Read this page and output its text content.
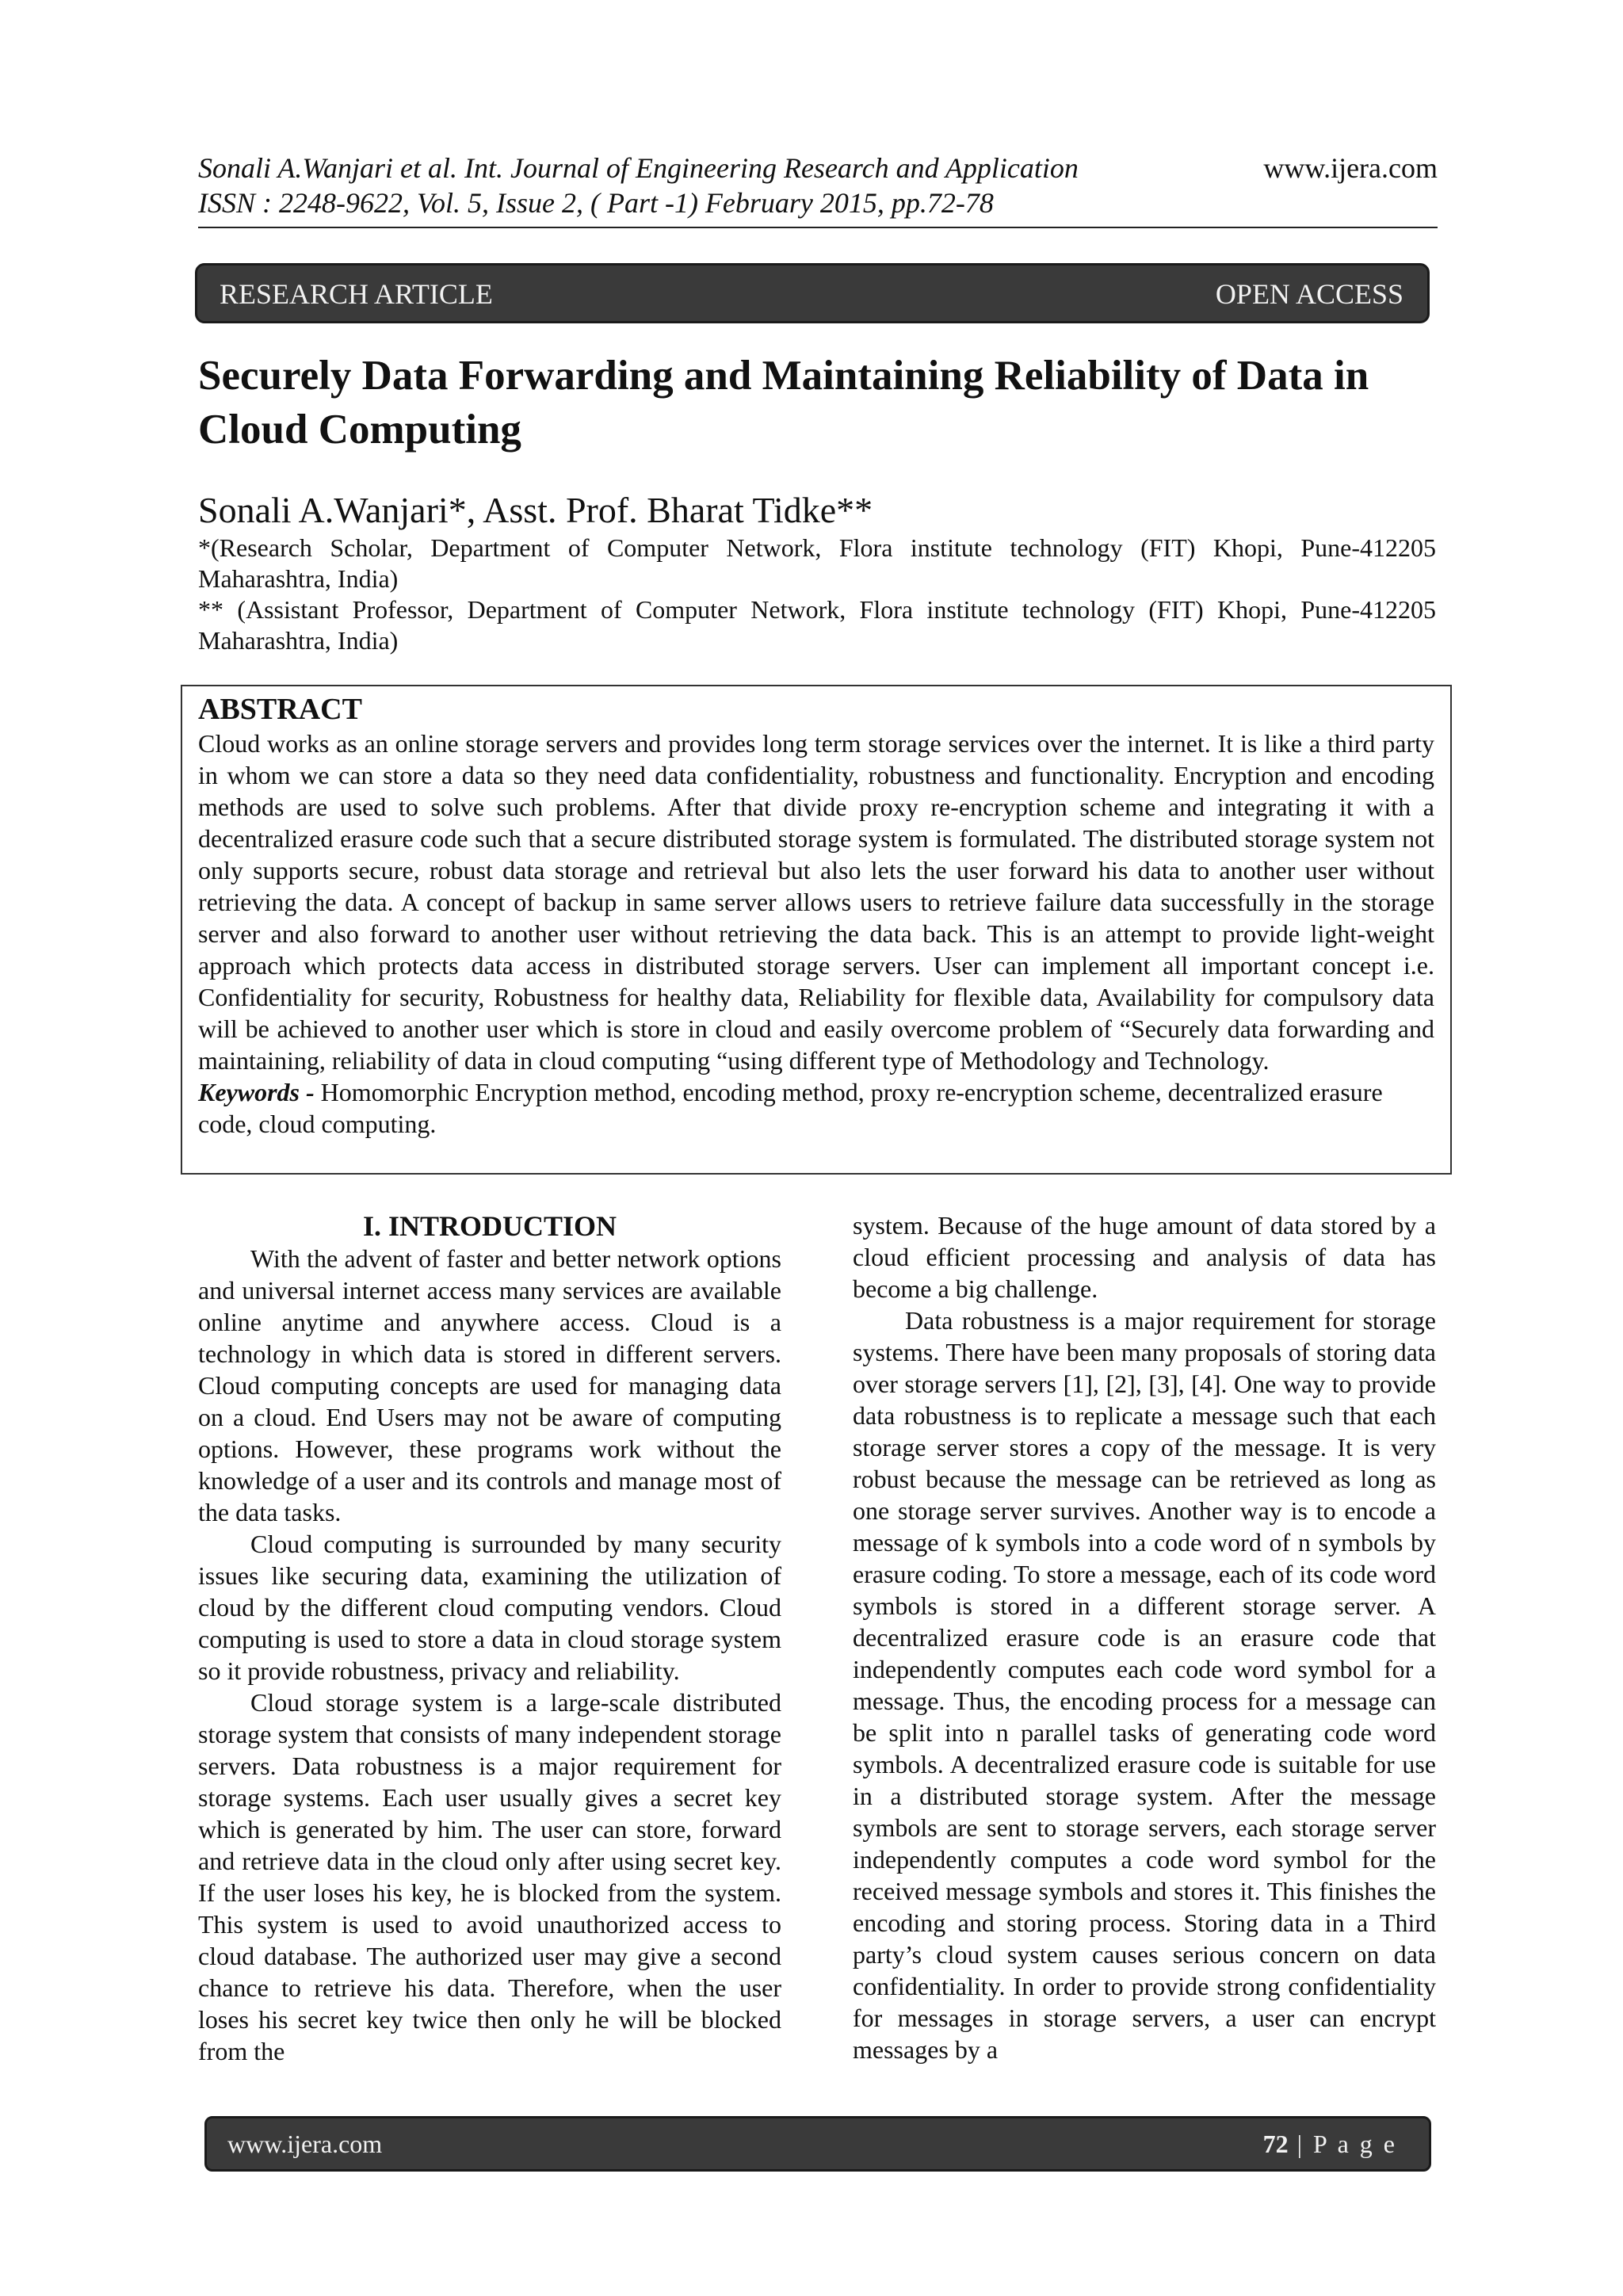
Sonali A.Wanjari et al. Int. Journal of Engineering Research and Application
ISSN : 2248-9622, Vol. 5, Issue 2, ( Part -1) February 2015, pp.72-78
www.ijera.com
RESEARCH ARTICLE	OPEN ACCESS
Securely Data Forwarding and Maintaining Reliability of Data in Cloud Computing
Sonali A.Wanjari*, Asst. Prof. Bharat Tidke**
*(Research Scholar, Department of Computer Network, Flora institute technology (FIT) Khopi, Pune-412205 Maharashtra, India)
** (Assistant Professor, Department of Computer Network, Flora institute technology (FIT) Khopi, Pune-412205 Maharashtra, India)
ABSTRACT
Cloud works as an online storage servers and provides long term storage services over the internet. It is like a third party in whom we can store a data so they need data confidentiality, robustness and functionality. Encryption and encoding methods are used to solve such problems. After that divide proxy re-encryption scheme and integrating it with a decentralized erasure code such that a secure distributed storage system is formulated. The distributed storage system not only supports secure, robust data storage and retrieval but also lets the user forward his data to another user without retrieving the data. A concept of backup in same server allows users to retrieve failure data successfully in the storage server and also forward to another user without retrieving the data back. This is an attempt to provide light-weight approach which protects data access in distributed storage servers. User can implement all important concept i.e. Confidentiality for security, Robustness for healthy data, Reliability for flexible data, Availability for compulsory data will be achieved to another user which is store in cloud and easily overcome problem of “Securely data forwarding and maintaining, reliability of data in cloud computing “using different type of Methodology and Technology.
Keywords - Homomorphic Encryption method, encoding method, proxy re-encryption scheme, decentralized erasure code, cloud computing.
I. INTRODUCTION

With the advent of faster and better network options and universal internet access many services are available online anytime and anywhere access. Cloud is a technology in which data is stored in different servers. Cloud computing concepts are used for managing data on a cloud. End Users may not be aware of computing options. However, these programs work without the knowledge of a user and its controls and manage most of the data tasks.

Cloud computing is surrounded by many security issues like securing data, examining the utilization of cloud by the different cloud computing vendors. Cloud computing is used to store a data in cloud storage system so it provide robustness, privacy and reliability.

Cloud storage system is a large-scale distributed storage system that consists of many independent storage servers. Data robustness is a major requirement for storage systems. Each user usually gives a secret key which is generated by him. The user can store, forward and retrieve data in the cloud only after using secret key. If the user loses his key, he is blocked from the system. This system is used to avoid unauthorized access to cloud database. The authorized user may give a second chance to retrieve his data. Therefore, when the user loses his secret key twice then only he will be blocked from the

system. Because of the huge amount of data stored by a cloud efficient processing and analysis of data has become a big challenge.

Data robustness is a major requirement for storage systems. There have been many proposals of storing data over storage servers [1], [2], [3], [4]. One way to provide data robustness is to replicate a message such that each storage server stores a copy of the message. It is very robust because the message can be retrieved as long as one storage server survives. Another way is to encode a message of k symbols into a code word of n symbols by erasure coding. To store a message, each of its code word symbols is stored in a different storage server. A decentralized erasure code is an erasure code that independently computes each code word symbol for a message. Thus, the encoding process for a message can be split into n parallel tasks of generating code word symbols. A decentralized erasure code is suitable for use in a distributed storage system. After the message symbols are sent to storage servers, each storage server independently computes a code word symbol for the received message symbols and stores it. This finishes the encoding and storing process. Storing data in a Third party’s cloud system causes serious concern on data confidentiality. In order to provide strong confidentiality for messages in storage servers, a user can encrypt messages by a

www.ijera.com	72 | P a g e
